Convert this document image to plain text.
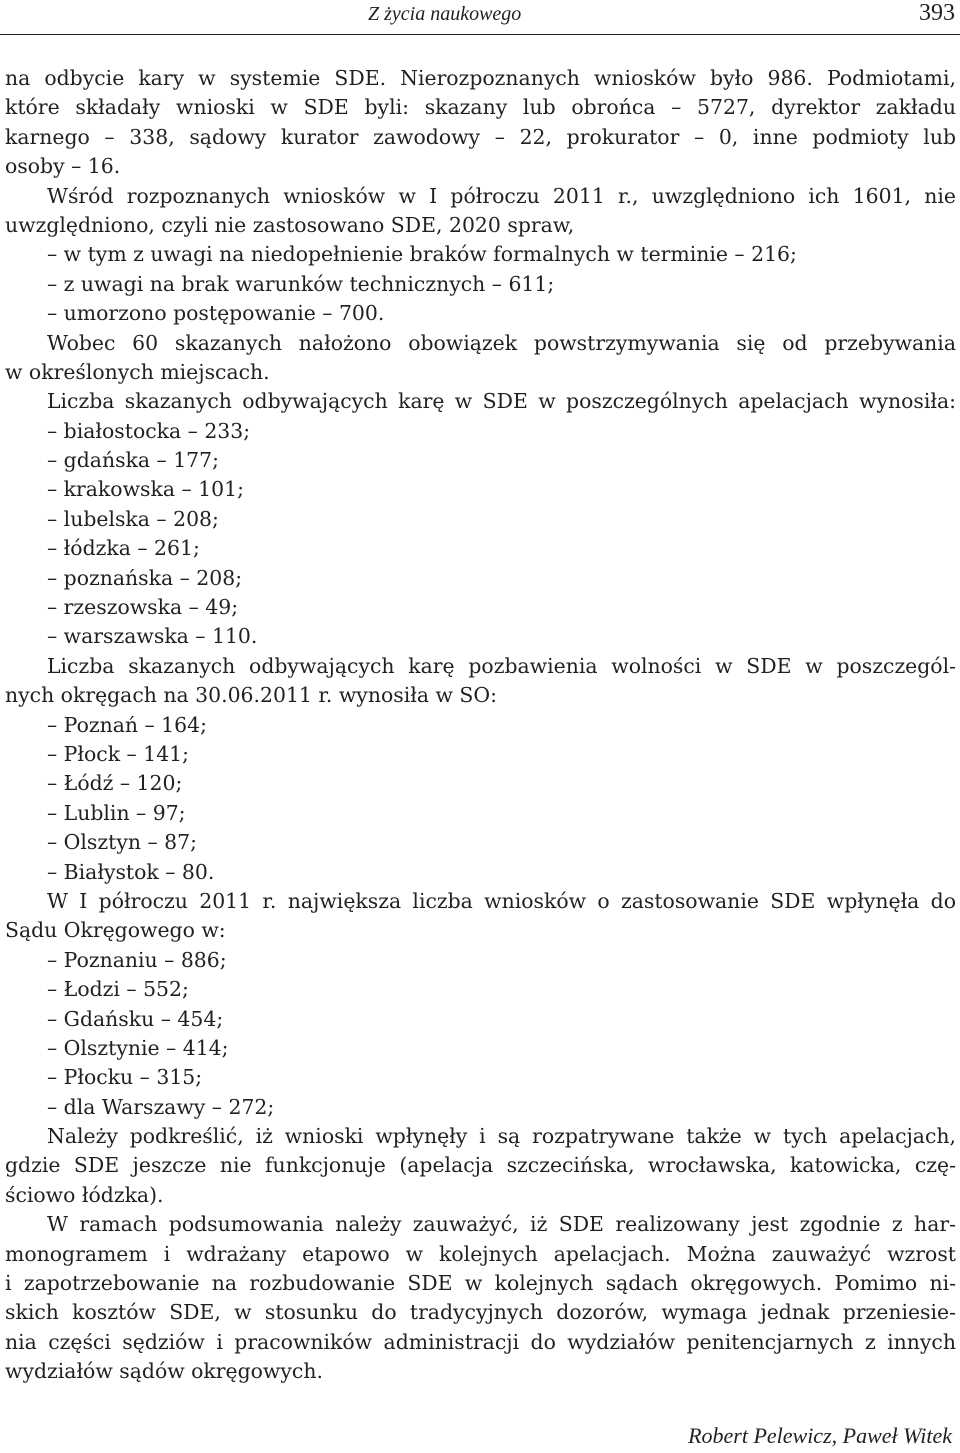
Z życia naukowego	393
na odbycie kary w systemie SDE. Nierozpoznanych wniosków było 986. Podmiotami,
które składały wnioski w SDE byli: skazany lub obrońca – 5727, dyrektor zakładu
karnego – 338, sądowy kurator zawodowy – 22, prokurator – 0, inne podmioty lub
osoby – 16.
Wśród rozpoznanych wniosków w I półroczu 2011 r., uwzględniono ich 1601, nie
uwzględniono, czyli nie zastosowano SDE, 2020 spraw,
– w tym z uwagi na niedopełnienie braków formalnych w terminie – 216;
– z uwagi na brak warunków technicznych – 611;
– umorzono postępowanie – 700.
Wobec 60 skazanych nałożono obowiązek powstrzymywania się od przebywania
w określonych miejscach.
Liczba skazanych odbywających karę w SDE w poszczególnych apelacjach wynosiła:
– białostocka – 233;
– gdańska – 177;
– krakowska – 101;
– lubelska – 208;
– łódzka – 261;
– poznańska – 208;
– rzeszowska – 49;
– warszawska – 110.
Liczba skazanych odbywających karę pozbawienia wolności w SDE w poszczegól-
nych okręgach na 30.06.2011 r. wynosiła w SO:
– Poznań – 164;
– Płock – 141;
– Łódź – 120;
– Lublin – 97;
– Olsztyn – 87;
– Białystok – 80.
W I półroczu 2011 r. największa liczba wniosków o zastosowanie SDE wpłynęła do
Sądu Okręgowego w:
– Poznaniu – 886;
– Łodzi – 552;
– Gdańsku – 454;
– Olsztynie – 414;
– Płocku – 315;
– dla Warszawy – 272;
Należy podkreślić, iż wnioski wpłynęły i są rozpatrywane także w tych apelacjach,
gdzie SDE jeszcze nie funkcjonuje (apelacja szczecińska, wrocławska, katowicka, czę-
ściowo łódzka).
W ramach podsumowania należy zauważyć, iż SDE realizowany jest zgodnie z har-
monogramem i wdrażany etapowo w kolejnych apelacjach. Można zauważyć wzrost
i zapotrzebowanie na rozbudowanie SDE w kolejnych sądach okręgowych. Pomimo ni-
skich kosztów SDE, w stosunku do tradycyjnych dozorów, wymaga jednak przeniesie-
nia części sędziów i pracowników administracji do wydziałów penitencjarnych z innych
wydziałów sądów okręgowych.
Robert Pelewicz, Paweł Witek
